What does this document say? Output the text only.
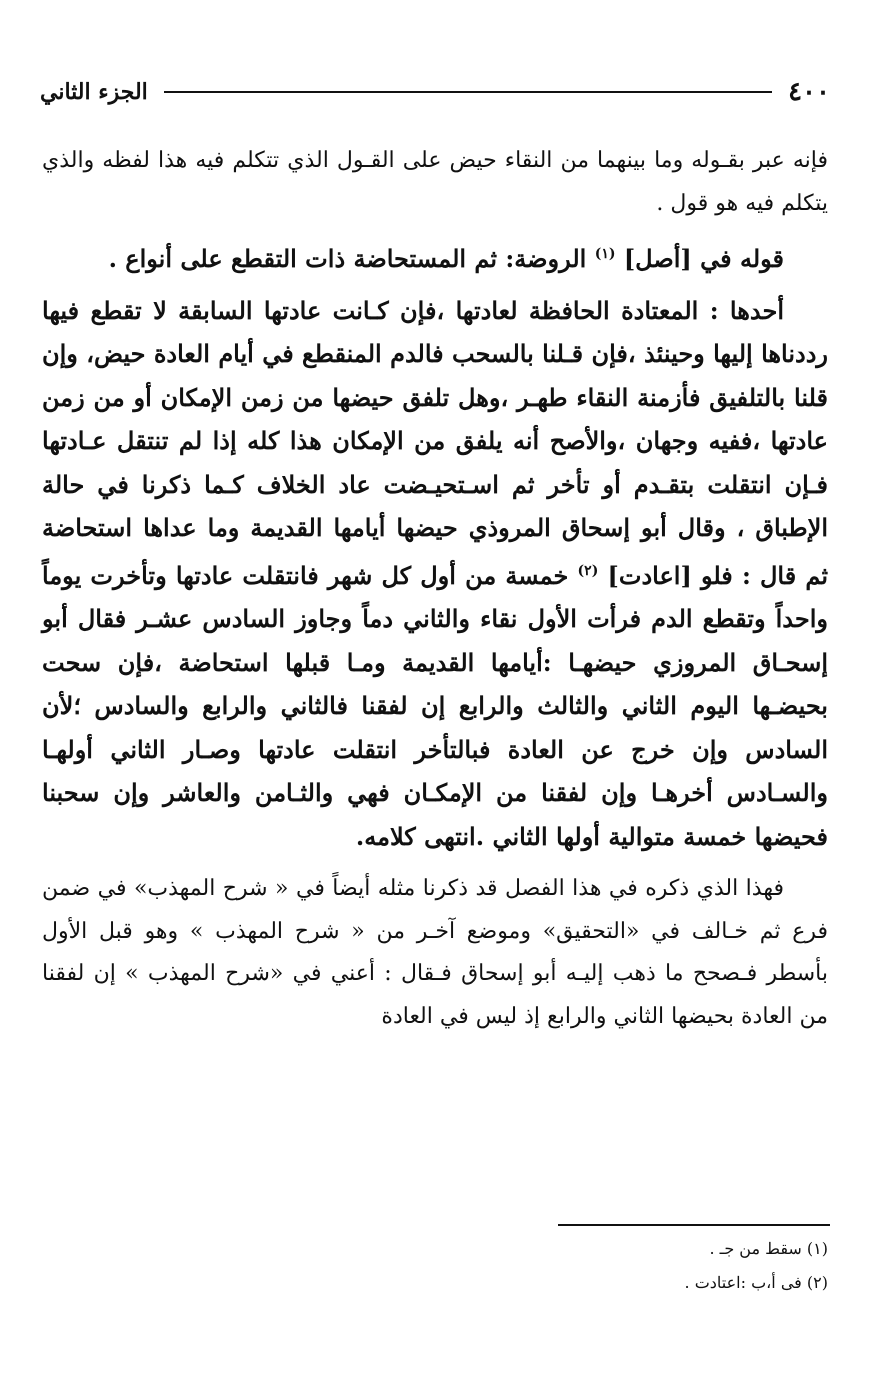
٤٠٠
الجزء الثاني

فإنه عبر بقـوله وما بينهما من النقاء حيض على القـول الذي تتكلم فيه هذا لفظه والذي يتكلم فيه هو قول .

قوله في [أصل] $^{(١)}$ الروضة: ثم المستحاضة ذات التقطع على أنواع .

أحدها : المعتادة الحافظة لعادتها ،فإن كـانت عادتها السابقة لا تقطع فيها رددناها إليها وحينئذ ،فإن قـلنا بالسحب فالدم المنقطع في أيام العادة حيض، وإن قلنا بالتلفيق فأزمنة النقاء طهـر ،وهل تلفق حيضها من زمن الإمكان أو من زمن عادتها ،ففيه وجهان ،والأصح أنه يلفق من الإمكان هذا كله إذا لم تنتقل عـادتها فـإن انتقلت بتقـدم أو تأخر ثم اسـتحيـضت عاد الخلاف كـما ذكرنا في حالة الإطباق ، وقال أبو إسحاق المروذي حيضها أيامها القديمة وما عداها استحاضة ثم قال : فلو [اعادت] $^{(٢)}$ خمسة من أول كل شهر فانتقلت عادتها وتأخرت يوماً واحداً وتقطع الدم فرأت الأول نقاء والثاني دماً وجاوز السادس عشـر فقال أبو إسحـاق المروزي حيضهـا :أيامها القديمة ومـا قبلها استحاضة ،فإن سحت بحيضـها اليوم الثاني والثالث والرابع إن لفقنا فالثاني والرابع والسادس ؛لأن السادس وإن خرج عن العادة فبالتأخر انتقلت عادتها وصـار الثاني أولهـا والسـادس أخرهـا وإن لفقنا من الإمكـان فهي والثـامن والعاشر وإن سحبنا فحيضها خمسة متوالية أولها الثاني .انتهى كلامه.

فهذا الذي ذكره في هذا الفصل قد ذكرنا مثله أيضاً في « شرح المهذب» في ضمن فرع ثم خـالف في «التحقيق» وموضع آخـر من « شرح المهذب » وهو قبل الأول بأسطر فـصحح ما ذهب إليـه أبو إسحاق فـقال : أعني في «شرح المهذب » إن لفقنا من العادة بحيضها الثاني والرابع إذ ليس في العادة

(١) سقط من جـ .
(٢) فى أ،ب :اعتادت .
